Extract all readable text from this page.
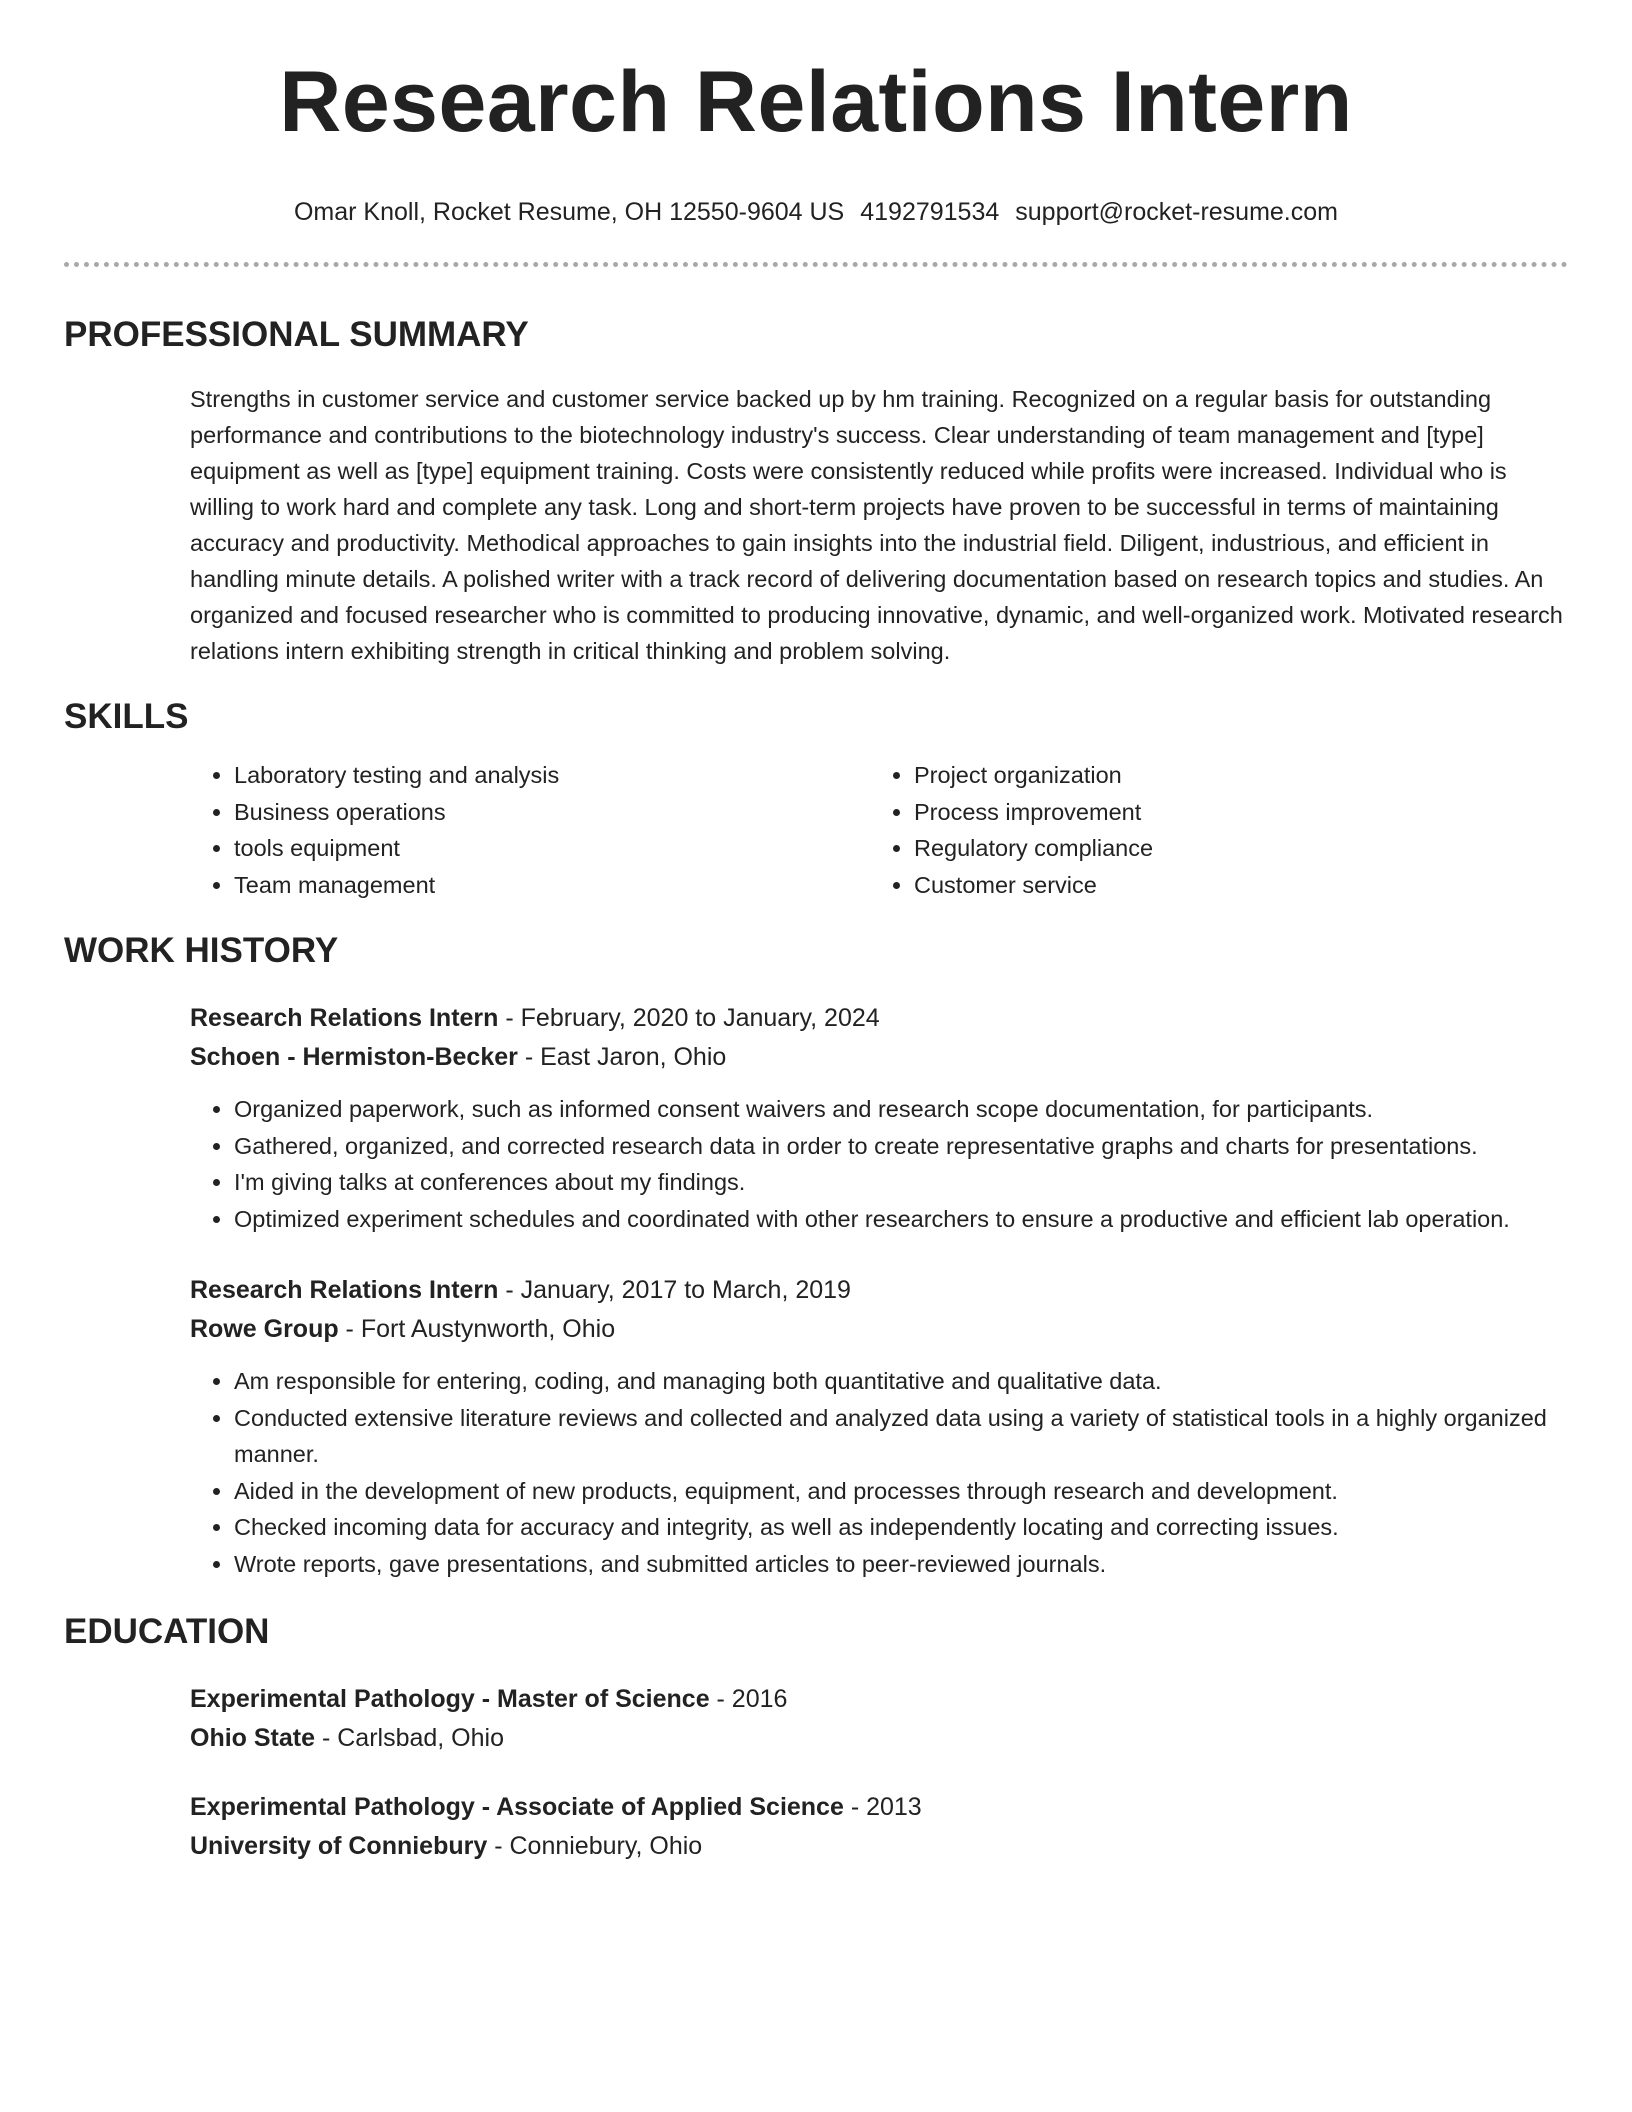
Research Relations Intern
Omar Knoll, Rocket Resume, OH 12550-9604 US 4192791534 support@rocket-resume.com
PROFESSIONAL SUMMARY
Strengths in customer service and customer service backed up by hm training. Recognized on a regular basis for outstanding performance and contributions to the biotechnology industry's success. Clear understanding of team management and [type] equipment as well as [type] equipment training. Costs were consistently reduced while profits were increased. Individual who is willing to work hard and complete any task. Long and short-term projects have proven to be successful in terms of maintaining accuracy and productivity. Methodical approaches to gain insights into the industrial field. Diligent, industrious, and efficient in handling minute details. A polished writer with a track record of delivering documentation based on research topics and studies. An organized and focused researcher who is committed to producing innovative, dynamic, and well-organized work. Motivated research relations intern exhibiting strength in critical thinking and problem solving.
SKILLS
• Laboratory testing and analysis
• Business operations
• tools equipment
• Team management
• Project organization
• Process improvement
• Regulatory compliance
• Customer service
WORK HISTORY
Research Relations Intern - February, 2020 to January, 2024
Schoen - Hermiston-Becker - East Jaron, Ohio
• Organized paperwork, such as informed consent waivers and research scope documentation, for participants.
• Gathered, organized, and corrected research data in order to create representative graphs and charts for presentations.
• I'm giving talks at conferences about my findings.
• Optimized experiment schedules and coordinated with other researchers to ensure a productive and efficient lab operation.
Research Relations Intern - January, 2017 to March, 2019
Rowe Group - Fort Austynworth, Ohio
• Am responsible for entering, coding, and managing both quantitative and qualitative data.
• Conducted extensive literature reviews and collected and analyzed data using a variety of statistical tools in a highly organized manner.
• Aided in the development of new products, equipment, and processes through research and development.
• Checked incoming data for accuracy and integrity, as well as independently locating and correcting issues.
• Wrote reports, gave presentations, and submitted articles to peer-reviewed journals.
EDUCATION
Experimental Pathology - Master of Science - 2016
Ohio State - Carlsbad, Ohio
Experimental Pathology - Associate of Applied Science - 2013
University of Conniebury - Conniebury, Ohio
